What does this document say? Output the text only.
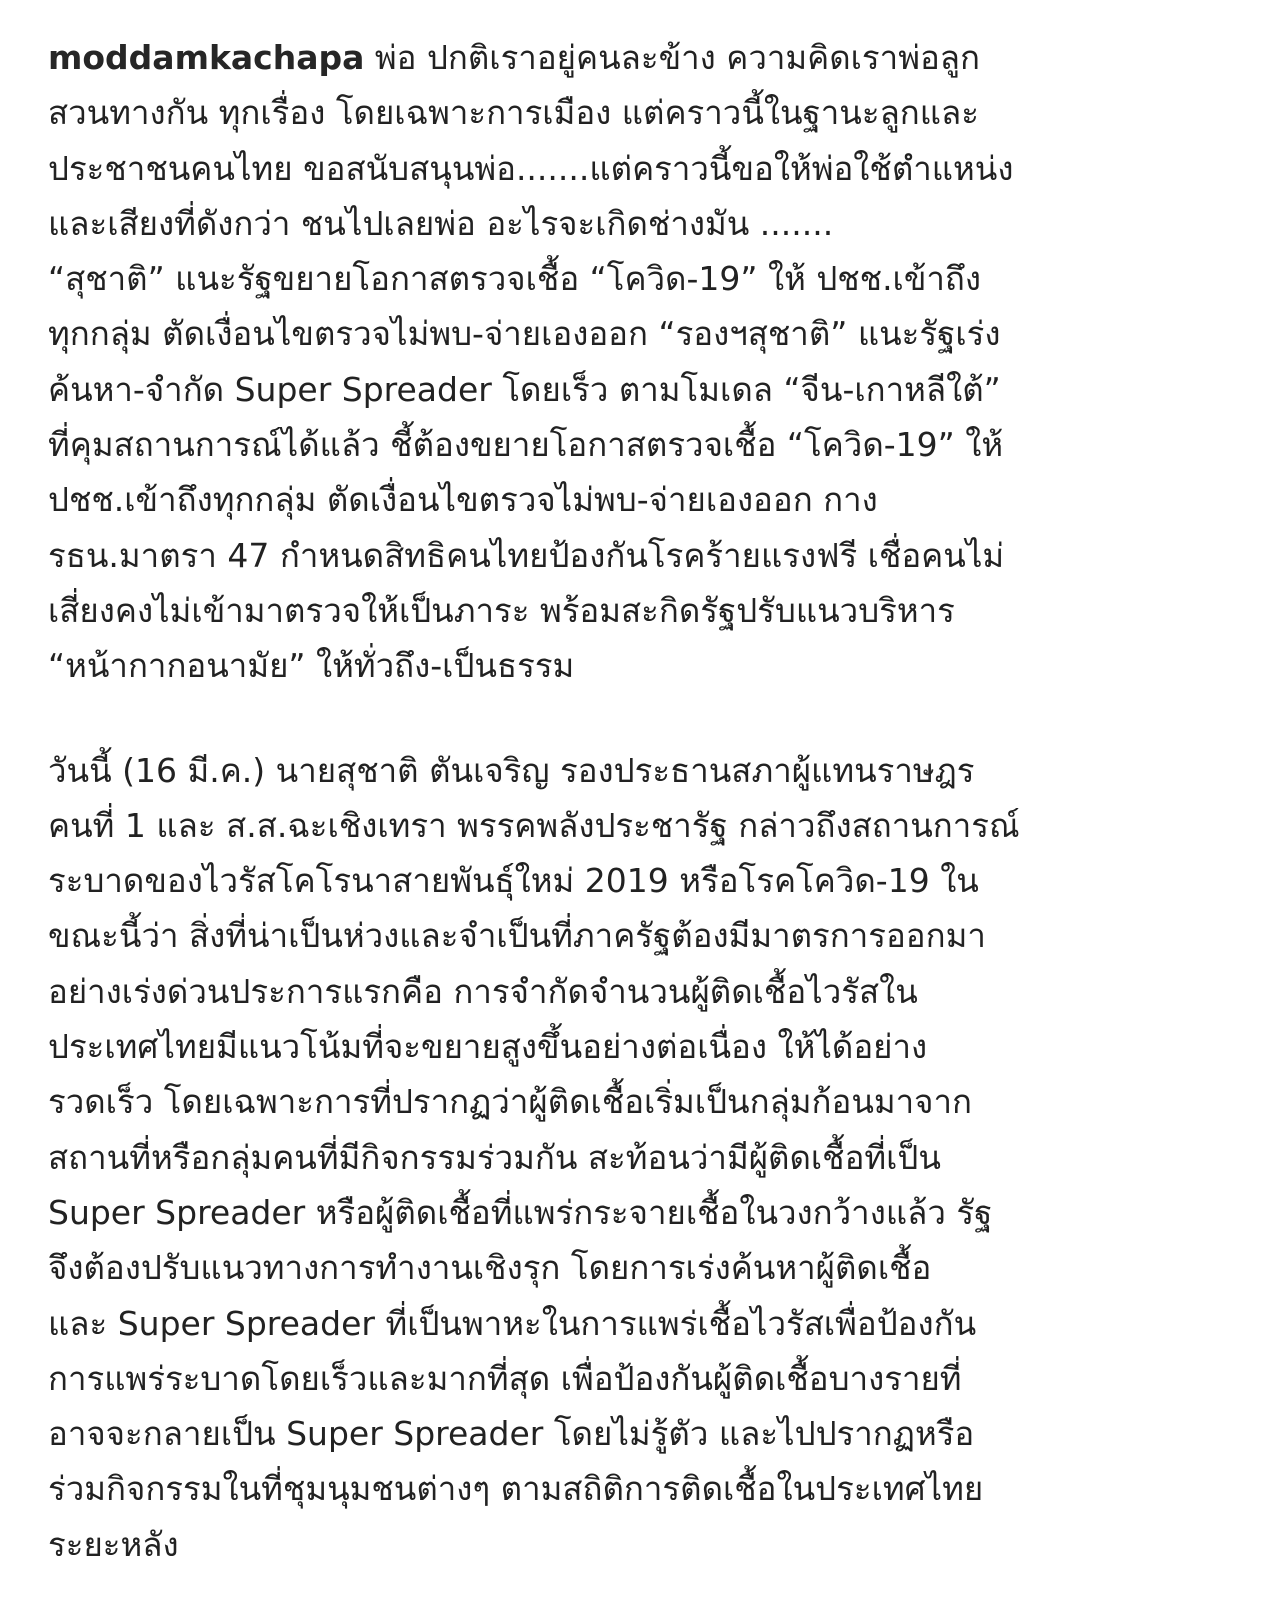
moddamkachapa พ่อ ปกติเราอยู่คนละข้าง ความคิดเราพ่อลูก
สวนทางกัน ทุกเรื่อง โดยเฉพาะการเมือง แต่คราวนี้ในฐานะลูกและ
ประชาชนคนไทย ขอสนับสนุนพ่อ.......แต่คราวนี้ขอให้พ่อใช้ตำแหน่ง
และเสียงที่ดังกว่า ชนไปเลยพ่อ อะไรจะเกิดช่างมัน .......
“สุชาติ” แนะรัฐขยายโอกาสตรวจเชื้อ “โควิด-19” ให้ ปชช.เข้าถึง
ทุกกลุ่ม ตัดเงื่อนไขตรวจไม่พบ-จ่ายเองออก “รองฯสุชาติ” แนะรัฐเร่ง
ค้นหา-จำกัด Super Spreader โดยเร็ว ตามโมเดล “จีน-เกาหลีใต้”
ที่คุมสถานการณ์ได้แล้ว ชี้ต้องขยายโอกาสตรวจเชื้อ “โควิด-19” ให้
ปชช.เข้าถึงทุกกลุ่ม ตัดเงื่อนไขตรวจไม่พบ-จ่ายเองออก กาง
รธน.มาตรา 47 กำหนดสิทธิคนไทยป้องกันโรคร้ายแรงฟรี เชื่อคนไม่
เสี่ยงคงไม่เข้ามาตรวจให้เป็นภาระ พร้อมสะกิดรัฐปรับแนวบริหาร
“หน้ากากอนามัย” ให้ทั่วถึง-เป็นธรรม
วันนี้ (16 มี.ค.) นายสุชาติ ตันเจริญ รองประธานสภาผู้แทนราษฎร
คนที่ 1 และ ส.ส.ฉะเชิงเทรา พรรคพลังประชารัฐ กล่าวถึงสถานการณ์
ระบาดของไวรัสโคโรนาสายพันธุ์ใหม่ 2019 หรือโรคโควิด-19 ใน
ขณะนี้ว่า สิ่งที่น่าเป็นห่วงและจำเป็นที่ภาครัฐต้องมีมาตรการออกมา
อย่างเร่งด่วนประการแรกคือ การจำกัดจำนวนผู้ติดเชื้อไวรัสใน
ประเทศไทยมีแนวโน้มที่จะขยายสูงขึ้นอย่างต่อเนื่อง ให้ได้อย่าง
รวดเร็ว โดยเฉพาะการที่ปรากฏว่าผู้ติดเชื้อเริ่มเป็นกลุ่มก้อนมาจาก
สถานที่หรือกลุ่มคนที่มีกิจกรรมร่วมกัน สะท้อนว่ามีผู้ติดเชื้อที่เป็น
Super Spreader หรือผู้ติดเชื้อที่แพร่กระจายเชื้อในวงกว้างแล้ว รัฐ
จึงต้องปรับแนวทางการทำงานเชิงรุก โดยการเร่งค้นหาผู้ติดเชื้อ
และ Super Spreader ที่เป็นพาหะในการแพร่เชื้อไวรัสเพื่อป้องกัน
การแพร่ระบาดโดยเร็วและมากที่สุด เพื่อป้องกันผู้ติดเชื้อบางรายที่
อาจจะกลายเป็น Super Spreader โดยไม่รู้ตัว และไปปรากฏหรือ
ร่วมกิจกรรมในที่ชุมนุมชนต่างๆ ตามสถิติการติดเชื้อในประเทศไทย
ระยะหลัง
